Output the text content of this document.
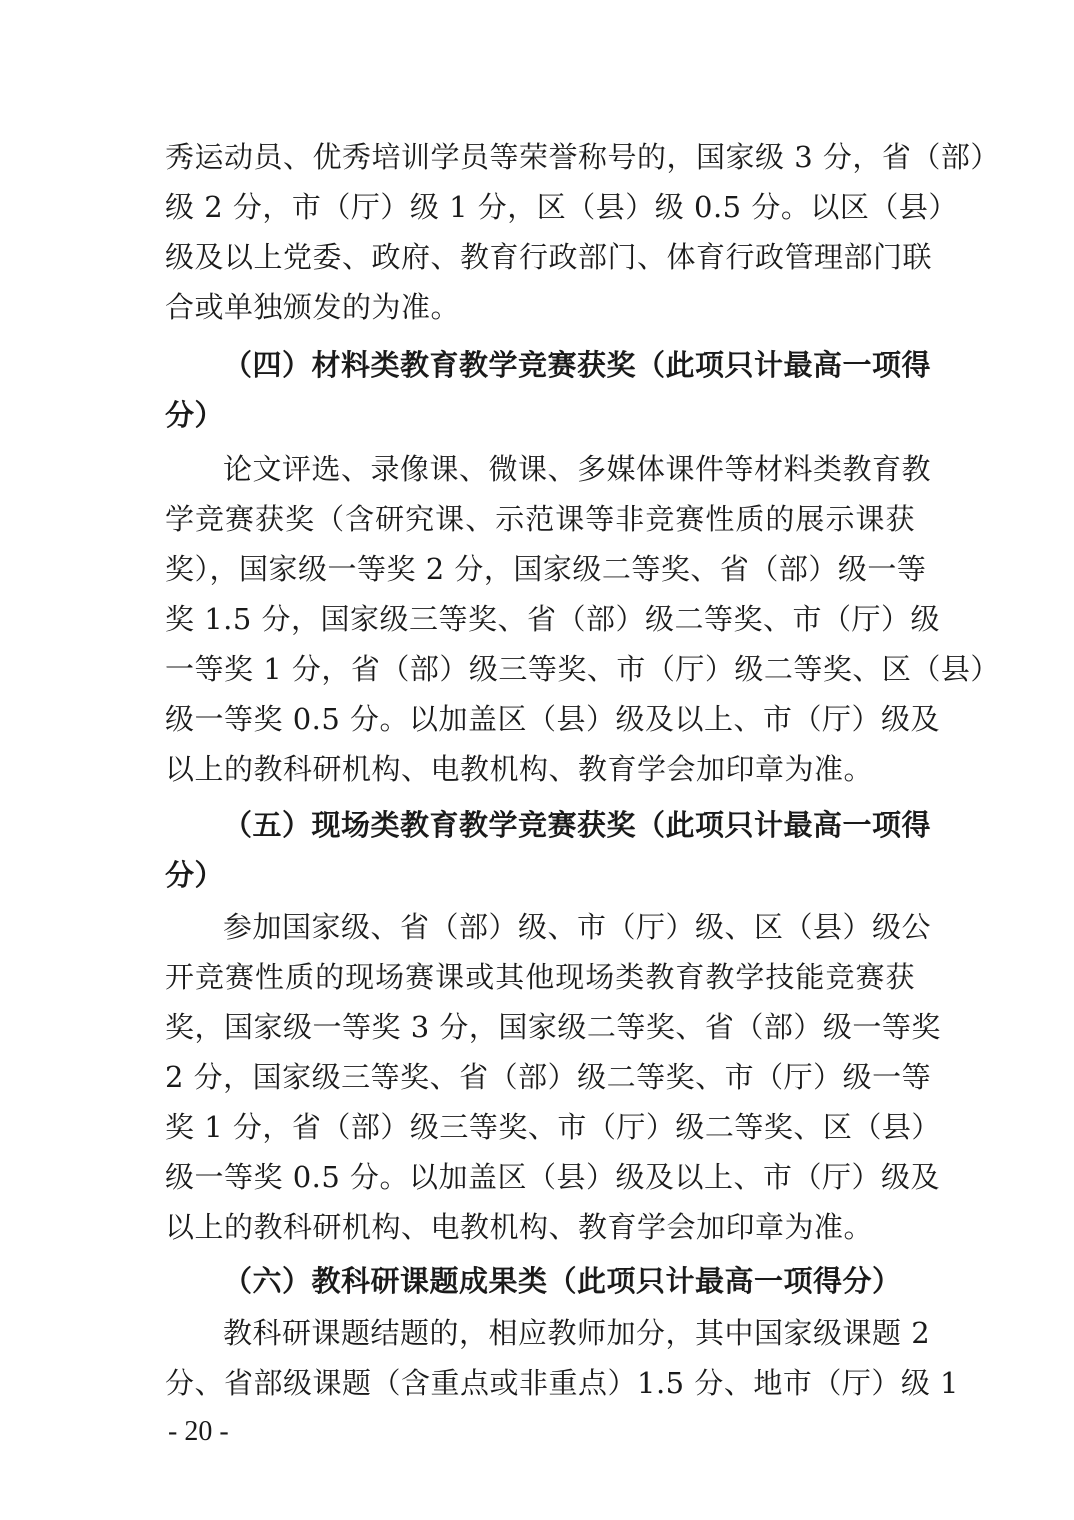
秀运动员、优秀培训学员等荣誉称号的，国家级 3 分，省（部）
级 2 分，市（厅）级 1 分，区（县）级 0.5 分。以区（县）
级及以上党委、政府、教育行政部门、体育行政管理部门联
合或单独颁发的为准。
（四）材料类教育教学竞赛获奖（此项只计最高一项得
分）
论文评选、录像课、微课、多媒体课件等材料类教育教
学竞赛获奖（含研究课、示范课等非竞赛性质的展示课获
奖），国家级一等奖 2 分，国家级二等奖、省（部）级一等
奖 1.5 分，国家级三等奖、省（部）级二等奖、市（厅）级
一等奖 1 分，省（部）级三等奖、市（厅）级二等奖、区（县）
级一等奖 0.5 分。以加盖区（县）级及以上、市（厅）级及
以上的教科研机构、电教机构、教育学会加印章为准。
（五）现场类教育教学竞赛获奖（此项只计最高一项得
分）
参加国家级、省（部）级、市（厅）级、区（县）级公
开竞赛性质的现场赛课或其他现场类教育教学技能竞赛获
奖，国家级一等奖 3 分，国家级二等奖、省（部）级一等奖
2 分，国家级三等奖、省（部）级二等奖、市（厅）级一等
奖 1 分，省（部）级三等奖、市（厅）级二等奖、区（县）
级一等奖 0.5 分。以加盖区（县）级及以上、市（厅）级及
以上的教科研机构、电教机构、教育学会加印章为准。
（六）教科研课题成果类（此项只计最高一项得分）
教科研课题结题的，相应教师加分，其中国家级课题 2
分、省部级课题（含重点或非重点）1.5 分、地市（厅）级 1
- 20 -
